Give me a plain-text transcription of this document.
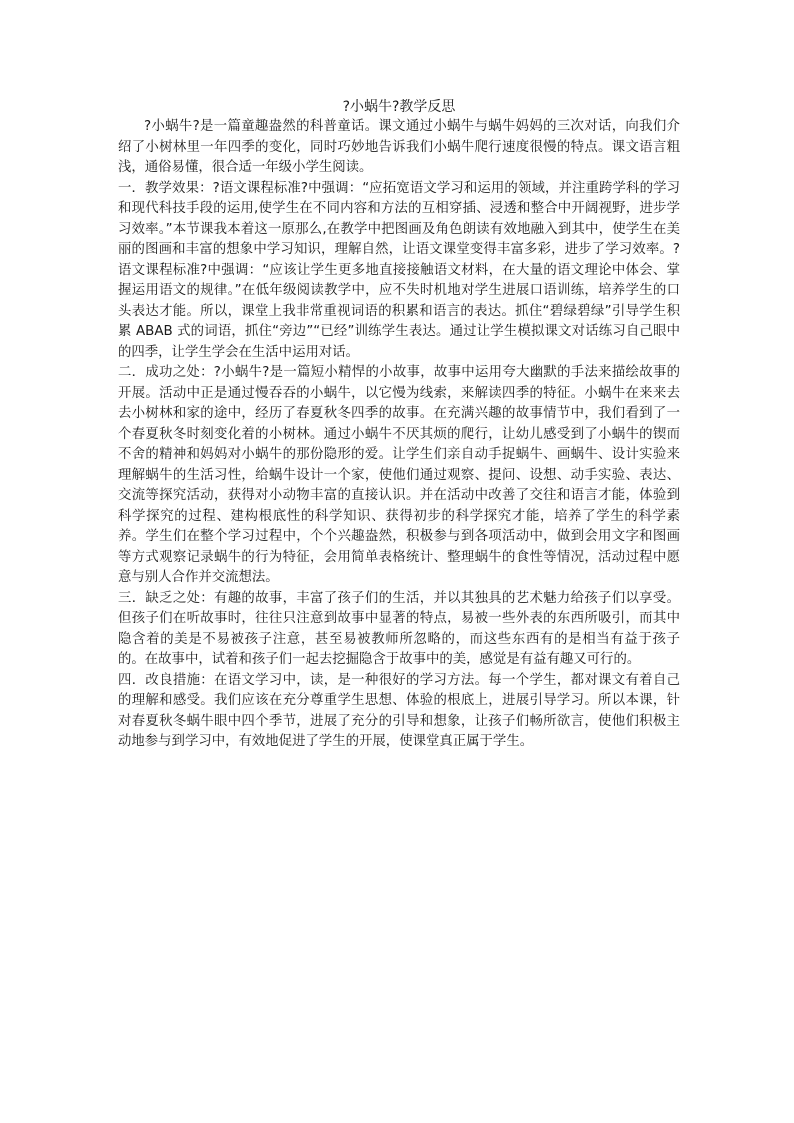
?小蜗牛?教学反思

?小蜗牛?是一篇童趣盎然的科普童话。课文通过小蜗牛与蜗牛妈妈的三次对话，向我们介绍了小树林里一年四季的变化，同时巧妙地告诉我们小蜗牛爬行速度很慢的特点。课文语言粗浅，通俗易懂，很合适一年级小学生阅读。

一．教学效果：?语文课程标准?中强调：“应拓宽语文学习和运用的领域，并注重跨学科的学习和现代科技手段的运用,使学生在不同内容和方法的互相穿插、浸透和整合中开阔视野，进步学习效率。”本节课我本着这一原那么,在教学中把图画及角色朗读有效地融入到其中，使学生在美丽的图画和丰富的想象中学习知识，理解自然，让语文课堂变得丰富多彩，进步了学习效率。?语文课程标准?中强调：“应该让学生更多地直接接触语文材料，在大量的语文理论中体会、掌握运用语文的规律。”在低年级阅读教学中，应不失时机地对学生进展口语训练，培养学生的口头表达才能。所以，课堂上我非常重视词语的积累和语言的表达。抓住“碧绿碧绿”引导学生积累 ABAB 式的词语，抓住“旁边”“已经”训练学生表达。通过让学生模拟课文对话练习自己眼中的四季，让学生学会在生活中运用对话。

二．成功之处：?小蜗牛?是一篇短小精悍的小故事，故事中运用夸大幽默的手法来描绘故事的开展。活动中正是通过慢吞吞的小蜗牛，以它慢为线索，来解读四季的特征。小蜗牛在来来去去小树林和家的途中，经历了春夏秋冬四季的故事。在充满兴趣的故事情节中，我们看到了一个春夏秋冬时刻变化着的小树林。通过小蜗牛不厌其烦的爬行，让幼儿感受到了小蜗牛的锲而不舍的精神和妈妈对小蜗牛的那份隐形的爱。让学生们亲自动手捉蜗牛、画蜗牛、设计实验来理解蜗牛的生活习性，给蜗牛设计一个家，使他们通过观察、提问、设想、动手实验、表达、交流等探究活动，获得对小动物丰富的直接认识。并在活动中改善了交往和语言才能，体验到科学探究的过程、建构根底性的科学知识、获得初步的科学探究才能，培养了学生的科学素养。学生们在整个学习过程中，个个兴趣盎然，积极参与到各项活动中，做到会用文字和图画等方式观察记录蜗牛的行为特征，会用简单表格统计、整理蜗牛的食性等情况，活动过程中愿意与别人合作并交流想法。

三．缺乏之处：有趣的故事，丰富了孩子们的生活，并以其独具的艺术魅力给孩子们以享受。但孩子们在听故事时，往往只注意到故事中显著的特点，易被一些外表的东西所吸引，而其中隐含着的美是不易被孩子注意，甚至易被教师所忽略的，而这些东西有的是相当有益于孩子的。在故事中，试着和孩子们一起去挖掘隐含于故事中的美，感觉是有益有趣又可行的。

四．改良措施：在语文学习中，读，是一种很好的学习方法。每一个学生，都对课文有着自己的理解和感受。我们应该在充分尊重学生思想、体验的根底上，进展引导学习。所以本课，针对春夏秋冬蜗牛眼中四个季节，进展了充分的引导和想象，让孩子们畅所欲言，使他们积极主动地参与到学习中，有效地促进了学生的开展，使课堂真正属于学生。
